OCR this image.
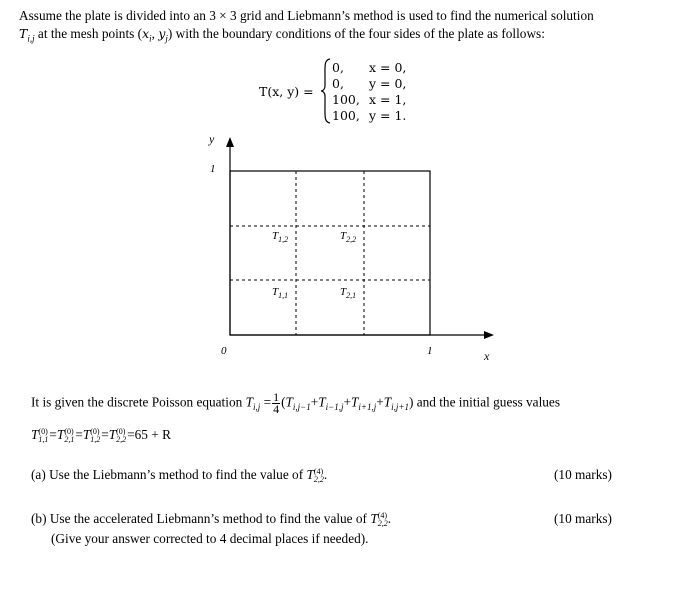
Assume the plate is divided into an 3 × 3 grid and Liebmann’s method is used to find the numerical solution
$T_{i,j}$ at the mesh points ($x_i$, $y_j$) with the boundary conditions of the four sides of the plate as follows:
T(x, y) =
0, x = 0,
0, y = 0,
100, x = 1,
100, y = 1.
y
x
1
0	1
$T_{1,2}$	$T_{2,2}$
$T_{1,1}$	$T_{2,1}$
It is given the discrete Poisson equation $T_{i,j} = \frac{1}{4} (T_{i,j-1}+T_{i-1,j}+T_{i+1,j}+T_{i,j+1})$ and the initial guess values
T (0)
1,1 =T (0)
2,1 =T (0)
1,2 =T (0)
2,2 =65 + R
(a) Use the Liebmann’s method to find the value of T (4)
2,2 .	(10 marks)
(b) Use the accelerated Liebmann’s method to find the value of T (4)
2,2 .
(Give your answer corrected to 4 decimal places if needed).
(10 marks)
